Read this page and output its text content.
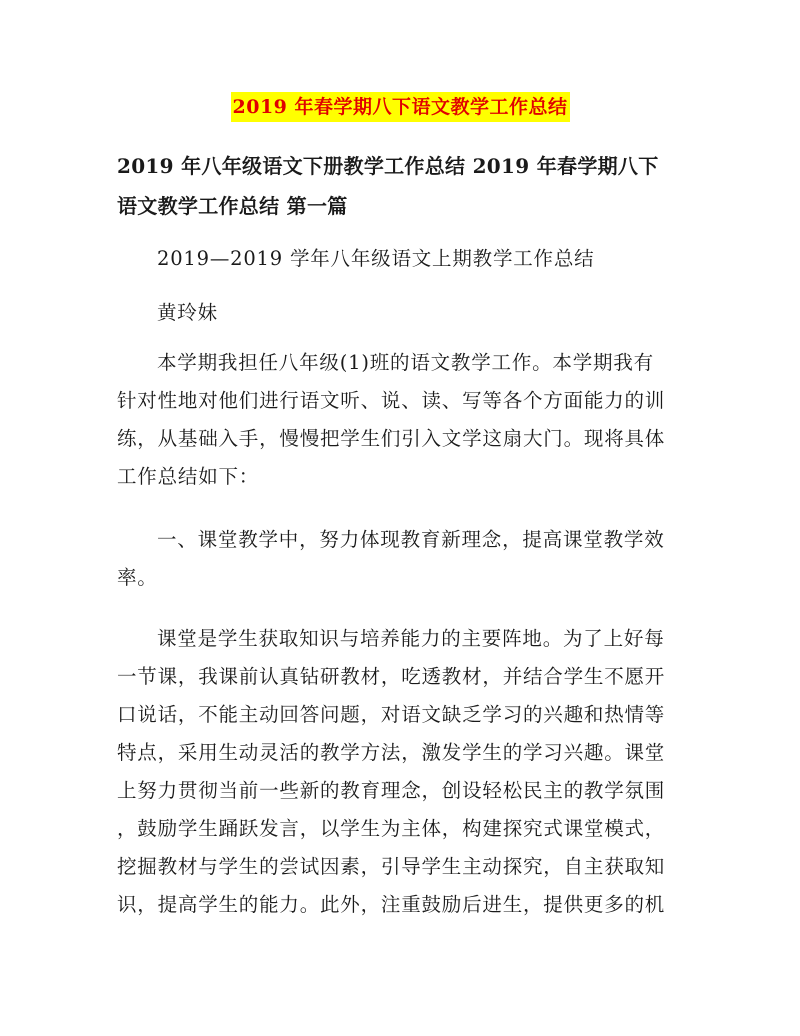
2019 年春学期八下语文教学工作总结
2019 年八年级语文下册教学工作总结 2019 年春学期八下
语文教学工作总结 第一篇
2019—2019 学年八年级语文上期教学工作总结
黄玲妹
本学期我担任八年级(1)班的语文教学工作。本学期我有
针对性地对他们进行语文听、说、读、写等各个方面能力的训
练，从基础入手，慢慢把学生们引入文学这扇大门。现将具体
工作总结如下：
一、课堂教学中，努力体现教育新理念，提高课堂教学效
率。
课堂是学生获取知识与培养能力的主要阵地。为了上好每
一节课，我课前认真钻研教材，吃透教材，并结合学生不愿开
口说话，不能主动回答问题，对语文缺乏学习的兴趣和热情等
特点，采用生动灵活的教学方法，激发学生的学习兴趣。课堂
上努力贯彻当前一些新的教育理念，创设轻松民主的教学氛围
，鼓励学生踊跃发言，以学生为主体，构建探究式课堂模式，
挖掘教材与学生的尝试因素，引导学生主动探究，自主获取知
识，提高学生的能力。此外，注重鼓励后进生，提供更多的机
